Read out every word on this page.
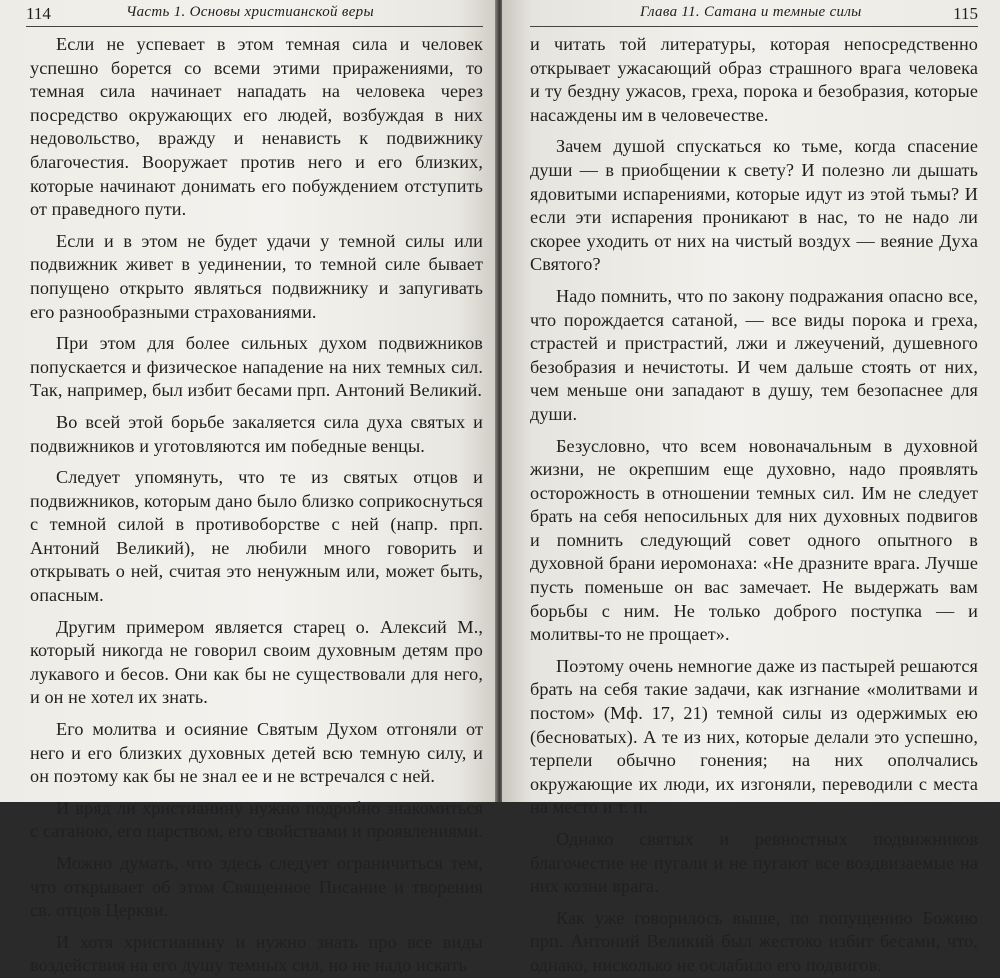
114	Часть 1. Основы христианской веры

Если не успевает в этом темная сила и человек успешно борется со всеми этими приражениями, то темная сила начинает нападать на человека через посредство окружающих его людей, возбуждая в них недовольство, вражду и ненависть к подвижнику благочестия. Вооружает против него и его близких, которые начинают донимать его побуждением отступить от праведного пути.

Если и в этом не будет удачи у темной силы или подвижник живет в уединении, то темной силе бывает попущено открыто являться подвижнику и запугивать его разнообразными страхованиями.

При этом для более сильных духом подвижников попускается и физическое нападение на них темных сил. Так, например, был избит бесами прп. Антоний Великий.

Во всей этой борьбе закаляется сила духа святых и подвижников и уготовляются им победные венцы.

Следует упомянуть, что те из святых отцов и подвижников, которым дано было близко соприкоснуться с темной силой в противоборстве с ней (напр. прп. Антоний Великий), не любили много говорить и открывать о ней, считая это ненужным или, может быть, опасным.

Другим примером является старец о. Алексий М., который никогда не говорил своим духовным детям про лукавого и бесов. Они как бы не существовали для него, и он не хотел их знать.

Его молитва и осияние Святым Духом отгоняли от него и его близких духовных детей всю темную силу, и он поэтому как бы не знал ее и не встречался с ней.

И вряд ли христианину нужно подробно знакомиться с сатаною, его царством, его свойствами и проявлениями.

Можно думать, что здесь следует ограничиться тем, что открывает об этом Священное Писание и творения св. отцов Церкви.

И хотя христианину и нужно знать про все виды воздействия на его душу темных сил, но не надо искать

Глава 11. Сатана и темные силы	115

и читать той литературы, которая непосредственно открывает ужасающий образ страшного врага человека и ту бездну ужасов, греха, порока и безобразия, которые насаждены им в человечестве.

Зачем душой спускаться ко тьме, когда спасение души — в приобщении к свету? И полезно ли дышать ядовитыми испарениями, которые идут из этой тьмы? И если эти испарения проникают в нас, то не надо ли скорее уходить от них на чистый воздух — веяние Духа Святого?

Надо помнить, что по закону подражания опасно все, что порождается сатаной, — все виды порока и греха, страстей и пристрастий, лжи и лжеучений, душевного безобразия и нечистоты. И чем дальше стоять от них, чем меньше они западают в душу, тем безопаснее для души.

Безусловно, что всем новоначальным в духовной жизни, не окрепшим еще духовно, надо проявлять осторожность в отношении темных сил. Им не следует брать на себя непосильных для них духовных подвигов и помнить следующий совет одного опытного в духовной брани иеромонаха: «Не дразните врага. Лучше пусть поменьше он вас замечает. Не выдержать вам борьбы с ним. Не только доброго поступка — и молитвы-то не прощает».

Поэтому очень немногие даже из пастырей решаются брать на себя такие задачи, как изгнание «молитвами и постом» (Мф. 17, 21) темной силы из одержимых ею (бесноватых). А те из них, которые делали это успешно, терпели обычно гонения; на них ополчались окружающие их люди, их изгоняли, переводили с места на место и т. п.

Однако святых и ревностных подвижников благочестие не пугали и не пугают все воздвизаемые на них козни врага.

Как уже говорилось выше, по попущению Божию прп. Антоний Великий был жестоко избит бесами, что, однако, нисколько не ослабило его подвигов.
